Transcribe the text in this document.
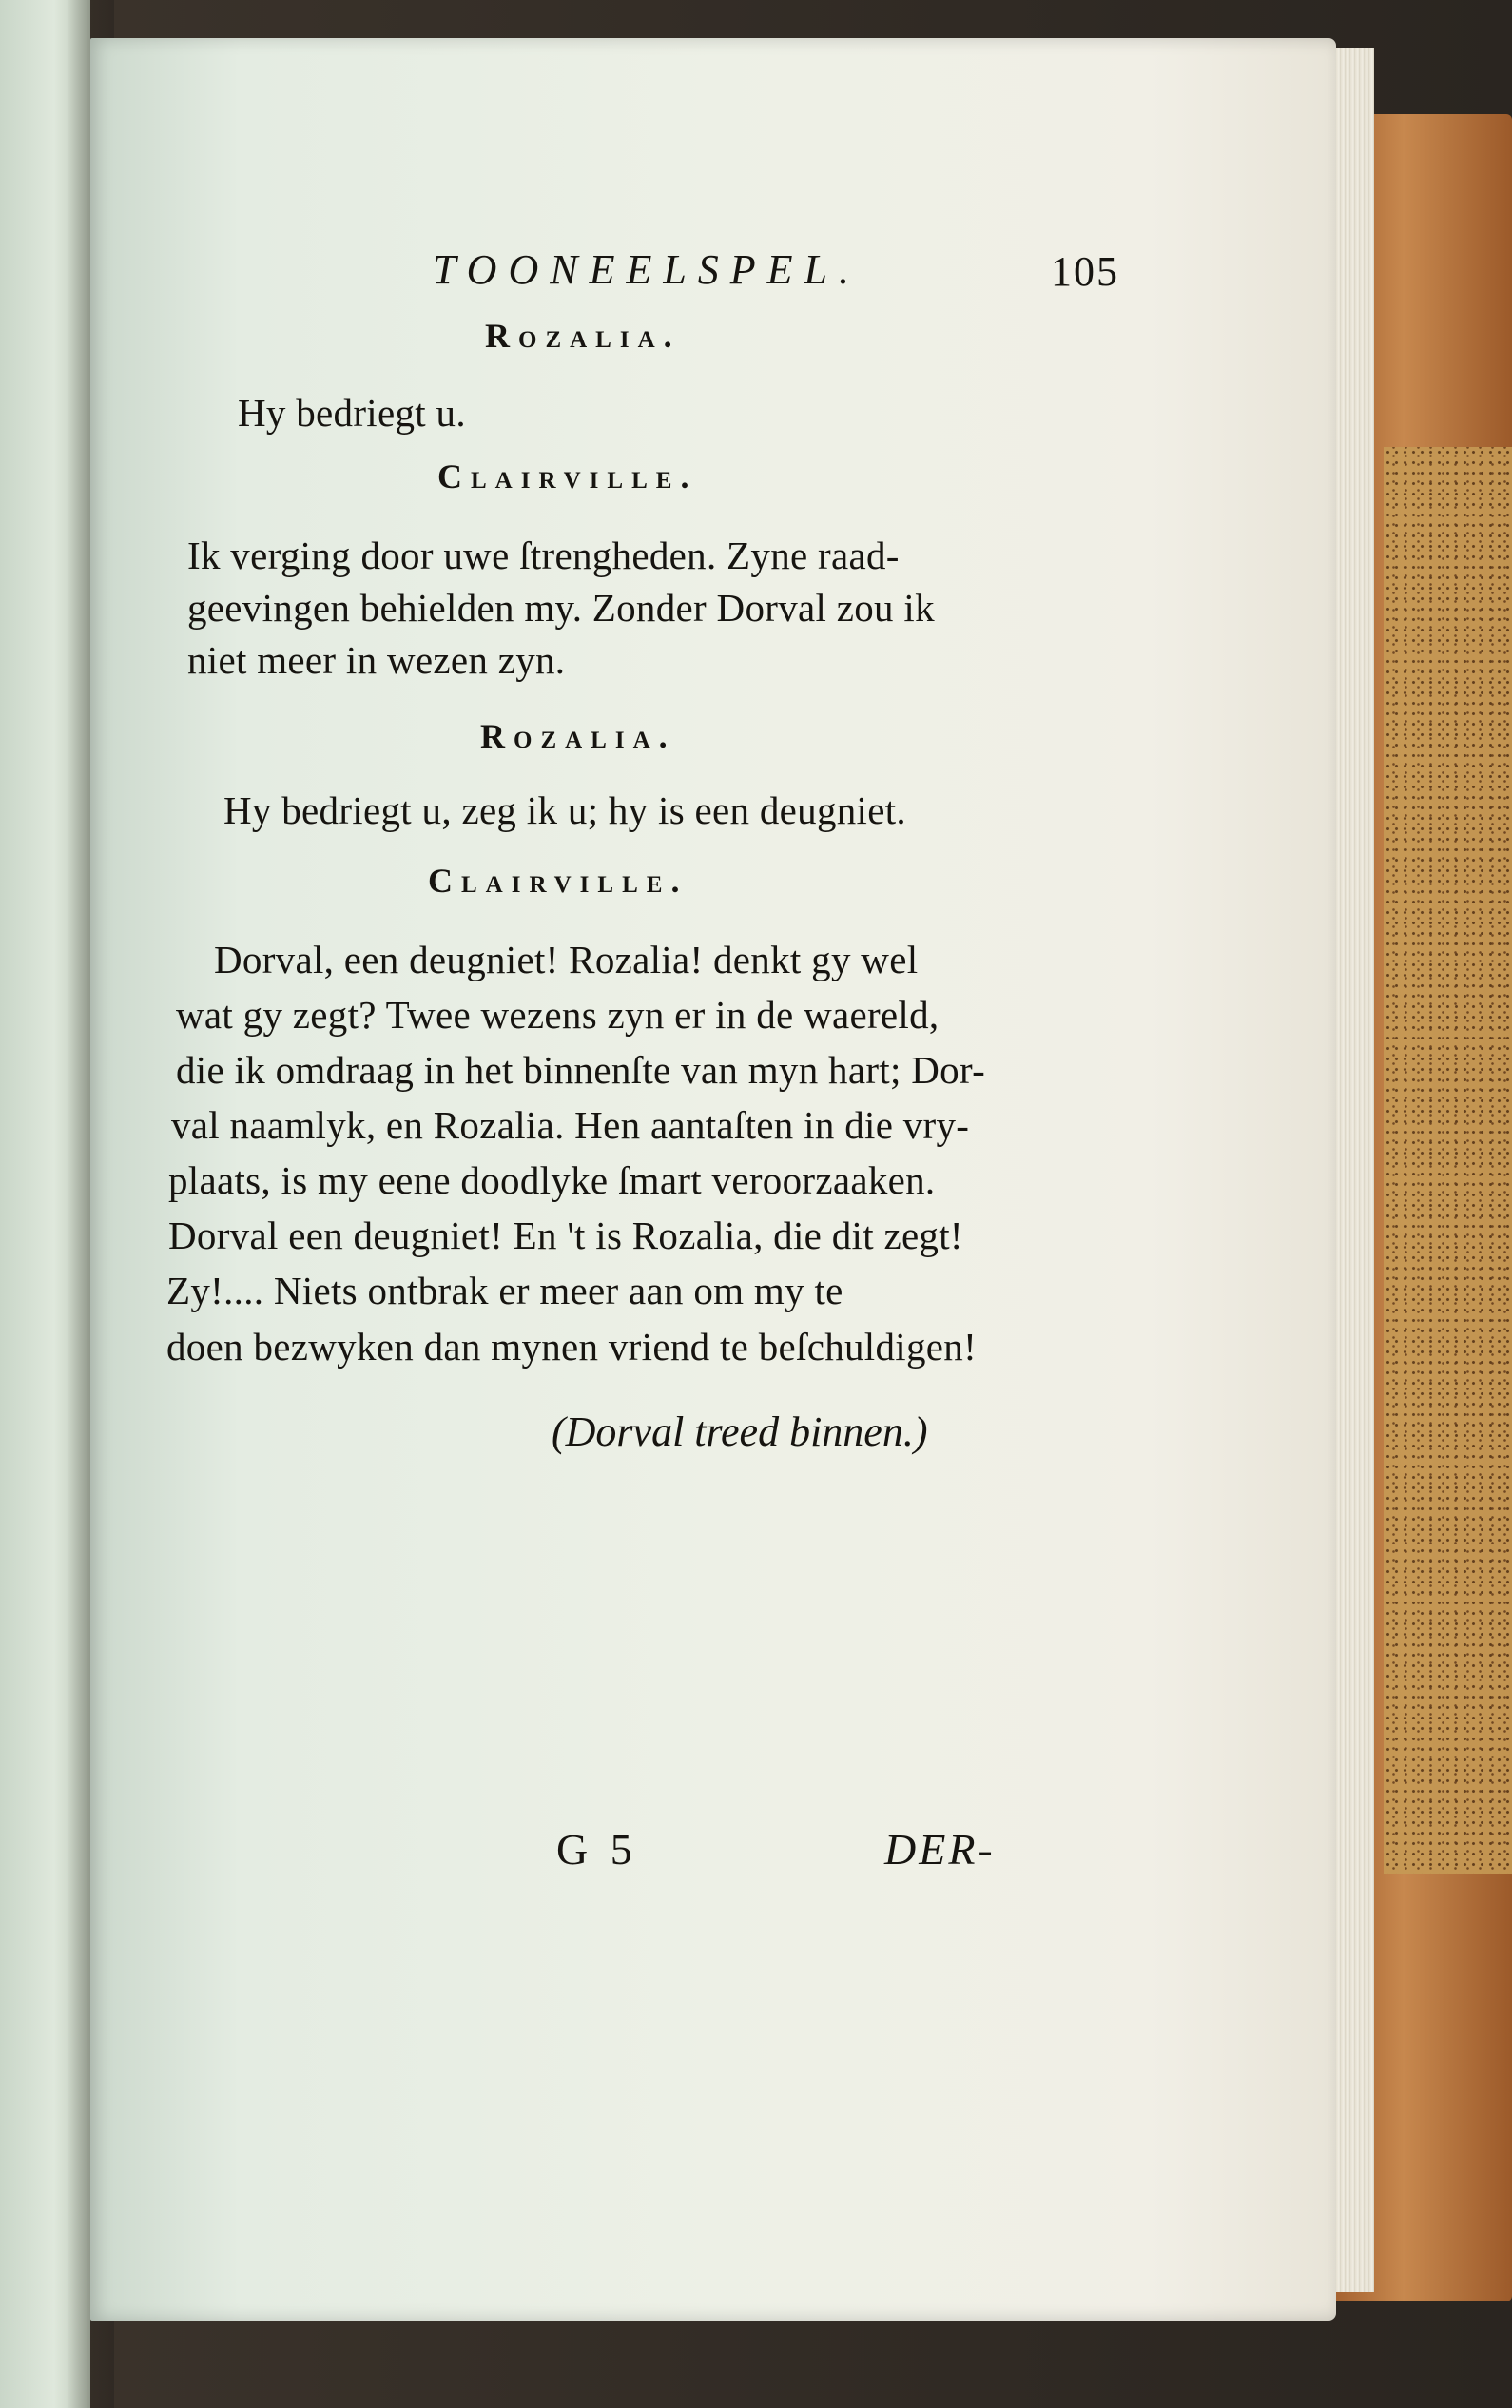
TOONEELSPEL.	105
Rozalia.
Hy bedriegt u.
Clairville.
Ik verging door uwe ſtrengheden. Zyne raad-
geevingen behielden my. Zonder Dorval zou ik
niet meer in wezen zyn.
Rozalia.
Hy bedriegt u, zeg ik u; hy is een deugniet.
Clairville.
Dorval, een deugniet! Rozalia! denkt gy wel
wat gy zegt? Twee wezens zyn er in de waereld,
die ik omdraag in het binnenſte van myn hart; Dor-
val naamlyk, en Rozalia. Hen aantaſten in die vry-
plaats, is my eene doodlyke ſmart veroorzaaken.
Dorval een deugniet! En 't is Rozalia, die dit zegt!
Zy!.... Niets ontbrak er meer aan om my te
doen bezwyken dan mynen vriend te beſchuldigen!
(Dorval treed binnen.)
G 5	DER-
